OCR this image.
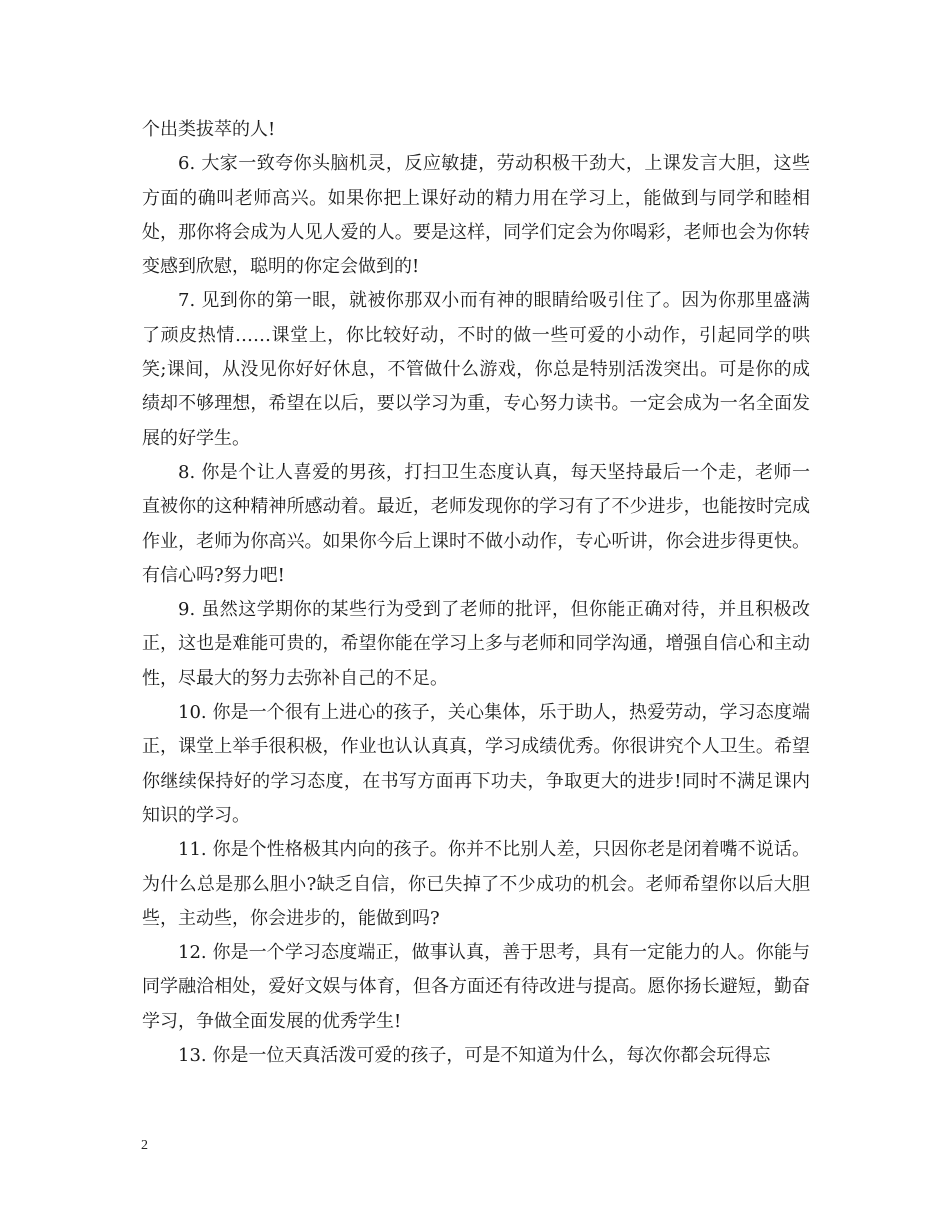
个出类拔萃的人!

6. 大家一致夸你头脑机灵，反应敏捷，劳动积极干劲大，上课发言大胆，这些方面的确叫老师高兴。如果你把上课好动的精力用在学习上，能做到与同学和睦相处，那你将会成为人见人爱的人。要是这样，同学们定会为你喝彩，老师也会为你转变感到欣慰，聪明的你定会做到的!

7. 见到你的第一眼，就被你那双小而有神的眼睛给吸引住了。因为你那里盛满了顽皮热情……课堂上，你比较好动，不时的做一些可爱的小动作，引起同学的哄笑;课间，从没见你好好休息，不管做什么游戏，你总是特别活泼突出。可是你的成绩却不够理想，希望在以后，要以学习为重，专心努力读书。一定会成为一名全面发展的好学生。

8. 你是个让人喜爱的男孩，打扫卫生态度认真，每天坚持最后一个走，老师一直被你的这种精神所感动着。最近，老师发现你的学习有了不少进步，也能按时完成作业，老师为你高兴。如果你今后上课时不做小动作，专心听讲，你会进步得更快。有信心吗?努力吧!

9. 虽然这学期你的某些行为受到了老师的批评，但你能正确对待，并且积极改正，这也是难能可贵的，希望你能在学习上多与老师和同学沟通，增强自信心和主动性，尽最大的努力去弥补自己的不足。

10. 你是一个很有上进心的孩子，关心集体，乐于助人，热爱劳动，学习态度端正，课堂上举手很积极，作业也认认真真，学习成绩优秀。你很讲究个人卫生。希望你继续保持好的学习态度，在书写方面再下功夫，争取更大的进步!同时不满足课内知识的学习。

11. 你是个性格极其内向的孩子。你并不比别人差，只因你老是闭着嘴不说话。为什么总是那么胆小?缺乏自信，你已失掉了不少成功的机会。老师希望你以后大胆些，主动些，你会进步的，能做到吗?

12. 你是一个学习态度端正，做事认真，善于思考，具有一定能力的人。你能与同学融洽相处，爱好文娱与体育，但各方面还有待改进与提高。愿你扬长避短，勤奋学习，争做全面发展的优秀学生!

13. 你是一位天真活泼可爱的孩子，可是不知道为什么，每次你都会玩得忘

2
